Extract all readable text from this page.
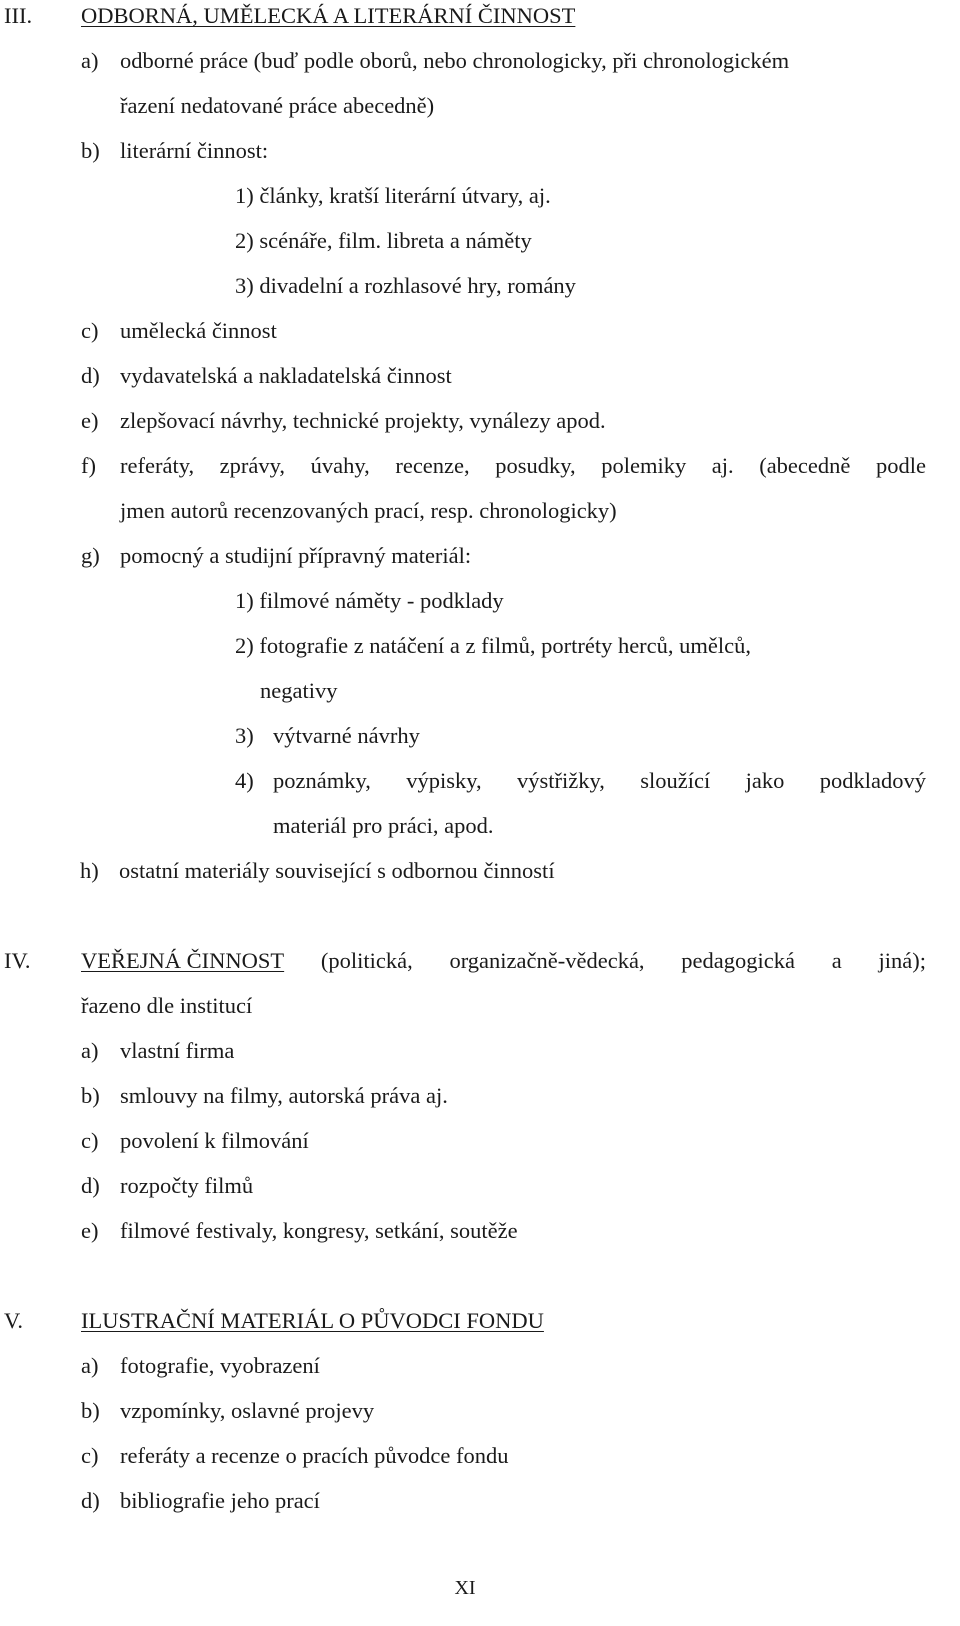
III. ODBORNÁ, UMĚLECKÁ A LITERÁRNÍ ČINNOST
a) odborné práce (buď podle oborů, nebo chronologicky, při chronologickém
řazení nedatované práce abecedně)
b) literární činnost:
1) články, kratší literární útvary, aj.
2) scénáře, film. libreta a náměty
3) divadelní a rozhlasové hry, romány
c) umělecká činnost
d) vydavatelská a nakladatelská činnost
e) zlepšovací návrhy, technické projekty, vynálezy apod.
f) referáty, zprávy, úvahy, recenze, posudky, polemiky aj. (abecedně podle
jmen autorů recenzovaných prací, resp. chronologicky)
g) pomocný a studijní přípravný materiál:
1) filmové náměty - podklady
2) fotografie z natáčení a z filmů, portréty herců, umělců,
negativy
3) výtvarné návrhy
4) poznámky, výpisky, výstřižky, sloužící jako podkladový
materiál pro práci, apod.
h) ostatní materiály související s odbornou činností
IV. VEŘEJNÁ ČINNOST (politická, organizačně-vědecká, pedagogická a jiná);
řazeno dle institucí
a) vlastní firma
b) smlouvy na filmy, autorská práva aj.
c) povolení k filmování
d) rozpočty filmů
e) filmové festivaly, kongresy, setkání, soutěže
V.	ILUSTRAČNÍ MATERIÁL O PŮVODCI FONDU
a) fotografie, vyobrazení
b) vzpomínky, oslavné projevy
c) referáty a recenze o pracích původce fondu
d) bibliografie jeho prací
XI
